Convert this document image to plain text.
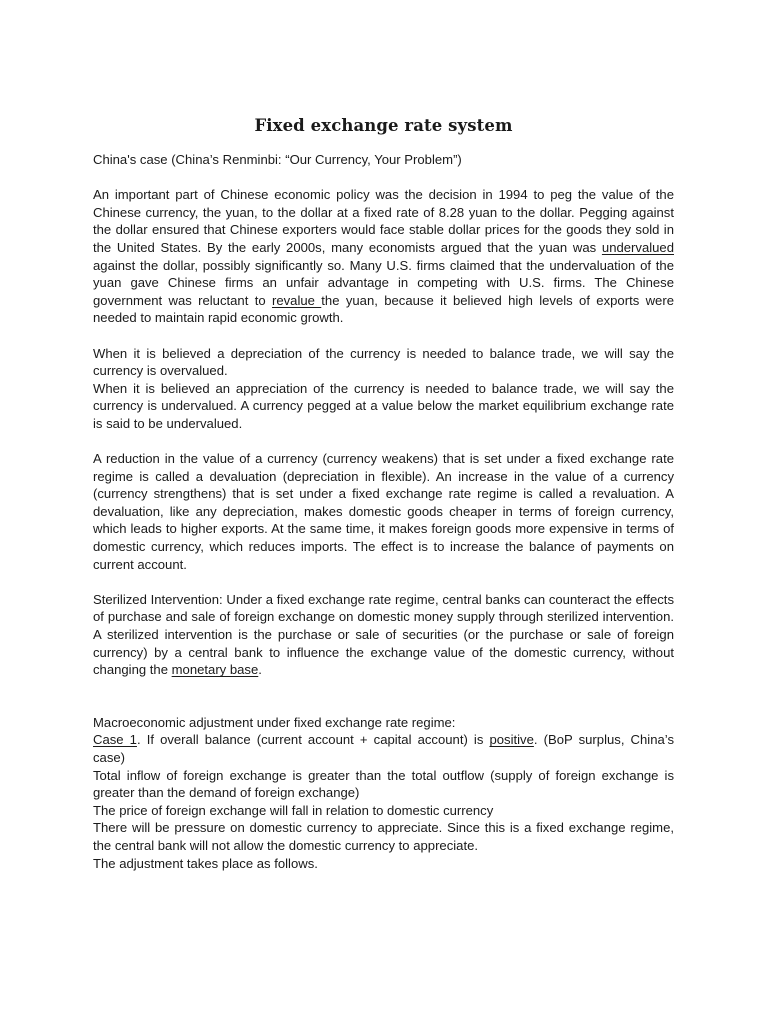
Fixed exchange rate system

China's case (China’s Renminbi: “Our Currency, Your Problem”)

An important part of Chinese economic policy was the decision in 1994 to peg the value of the Chinese currency, the yuan, to the dollar at a fixed rate of 8.28 yuan to the dollar. Pegging against the dollar ensured that Chinese exporters would face stable dollar prices for the goods they sold in the United States. By the early 2000s, many economists argued that the yuan was undervalued against the dollar, possibly significantly so. Many U.S. firms claimed that the undervaluation of the yuan gave Chinese firms an unfair advantage in competing with U.S. firms. The Chinese government was reluctant to revalue the yuan, because it believed high levels of exports were needed to maintain rapid economic growth.

When it is believed a depreciation of the currency is needed to balance trade, we will say the currency is overvalued.

When it is believed an appreciation of the currency is needed to balance trade, we will say the currency is undervalued. A currency pegged at a value below the market equilibrium exchange rate is said to be undervalued.

A reduction in the value of a currency (currency weakens) that is set under a fixed exchange rate regime is called a devaluation (depreciation in flexible). An increase in the value of a currency (currency strengthens) that is set under a fixed exchange rate regime is called a revaluation. A devaluation, like any depreciation, makes domestic goods cheaper in terms of foreign currency, which leads to higher exports. At the same time, it makes foreign goods more expensive in terms of domestic currency, which reduces imports. The effect is to increase the balance of payments on current account.

Sterilized Intervention: Under a fixed exchange rate regime, central banks can counteract the effects of purchase and sale of foreign exchange on domestic money supply through sterilized intervention. A sterilized intervention is the purchase or sale of securities (or the purchase or sale of foreign currency) by a central bank to influence the exchange value of the domestic currency, without changing the monetary base.

Macroeconomic adjustment under fixed exchange rate regime:

Case 1. If overall balance (current account + capital account) is positive. (BoP surplus, China’s case)

Total inflow of foreign exchange is greater than the total outflow (supply of foreign exchange is greater than the demand of foreign exchange)

The price of foreign exchange will fall in relation to domestic currency

There will be pressure on domestic currency to appreciate. Since this is a fixed exchange regime, the central bank will not allow the domestic currency to appreciate.

The adjustment takes place as follows.
